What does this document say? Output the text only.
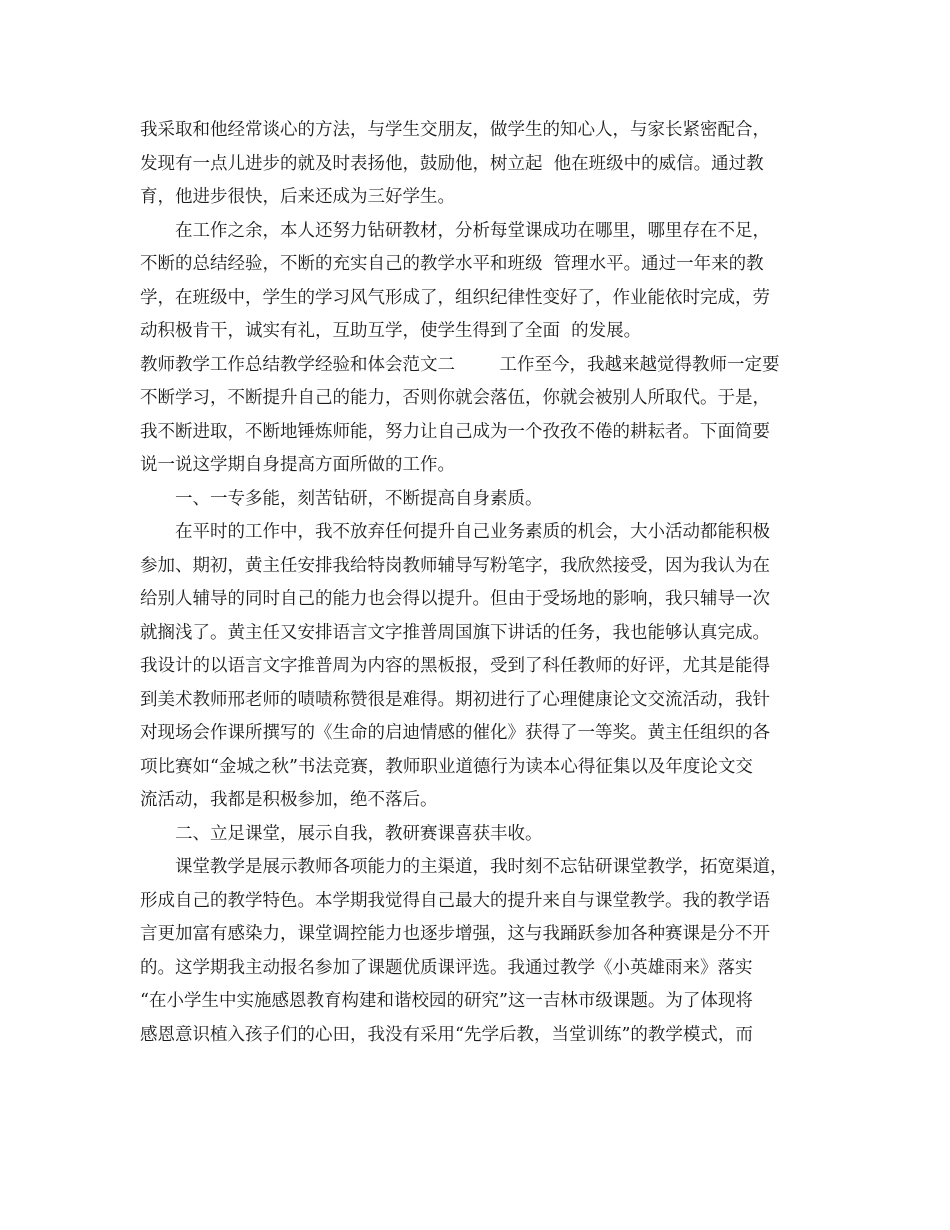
我采取和他经常谈心的方法，与学生交朋友，做学生的知心人，与家长紧密配合，
发现有一点儿进步的就及时表扬他，鼓励他，树立起  他在班级中的威信。通过教
育，他进步很快，后来还成为三好学生。
在工作之余，本人还努力钻研教材，分析每堂课成功在哪里，哪里存在不足，
不断的总结经验，不断的充实自己的教学水平和班级  管理水平。通过一年来的教
学，在班级中，学生的学习风气形成了，组织纪律性变好了，作业能依时完成，劳
动积极肯干，诚实有礼，互助互学，使学生得到了全面  的发展。
教师教学工作总结教学经验和体会范文二        工作至今，我越来越觉得教师一定要
不断学习，不断提升自己的能力，否则你就会落伍，你就会被别人所取代。于是，
我不断进取，不断地锤炼师能，努力让自己成为一个孜孜不倦的耕耘者。下面简要
说一说这学期自身提高方面所做的工作。
一、一专多能，刻苦钻研，不断提高自身素质。
在平时的工作中，我不放弃任何提升自己业务素质的机会，大小活动都能积极
参加、期初，黄主任安排我给特岗教师辅导写粉笔字，我欣然接受，因为我认为在
给别人辅导的同时自己的能力也会得以提升。但由于受场地的影响，我只辅导一次
就搁浅了。黄主任又安排语言文字推普周国旗下讲话的任务，我也能够认真完成。
我设计的以语言文字推普周为内容的黑板报，受到了科任教师的好评，尤其是能得
到美术教师邢老师的啧啧称赞很是难得。期初进行了心理健康论文交流活动，我针
对现场会作课所撰写的《生命的启迪情感的催化》获得了一等奖。黄主任组织的各
项比赛如“金城之秋”书法竞赛，教师职业道德行为读本心得征集以及年度论文交
流活动，我都是积极参加，绝不落后。
二、立足课堂，展示自我，教研赛课喜获丰收。
课堂教学是展示教师各项能力的主渠道，我时刻不忘钻研课堂教学，拓宽渠道，
形成自己的教学特色。本学期我觉得自己最大的提升来自与课堂教学。我的教学语
言更加富有感染力，课堂调控能力也逐步增强，这与我踊跃参加各种赛课是分不开
的。这学期我主动报名参加了课题优质课评选。我通过教学《小英雄雨来》落实
“在小学生中实施感恩教育构建和谐校园的研究”这一吉林市级课题。为了体现将
感恩意识植入孩子们的心田，我没有采用“先学后教，当堂训练”的教学模式，而
